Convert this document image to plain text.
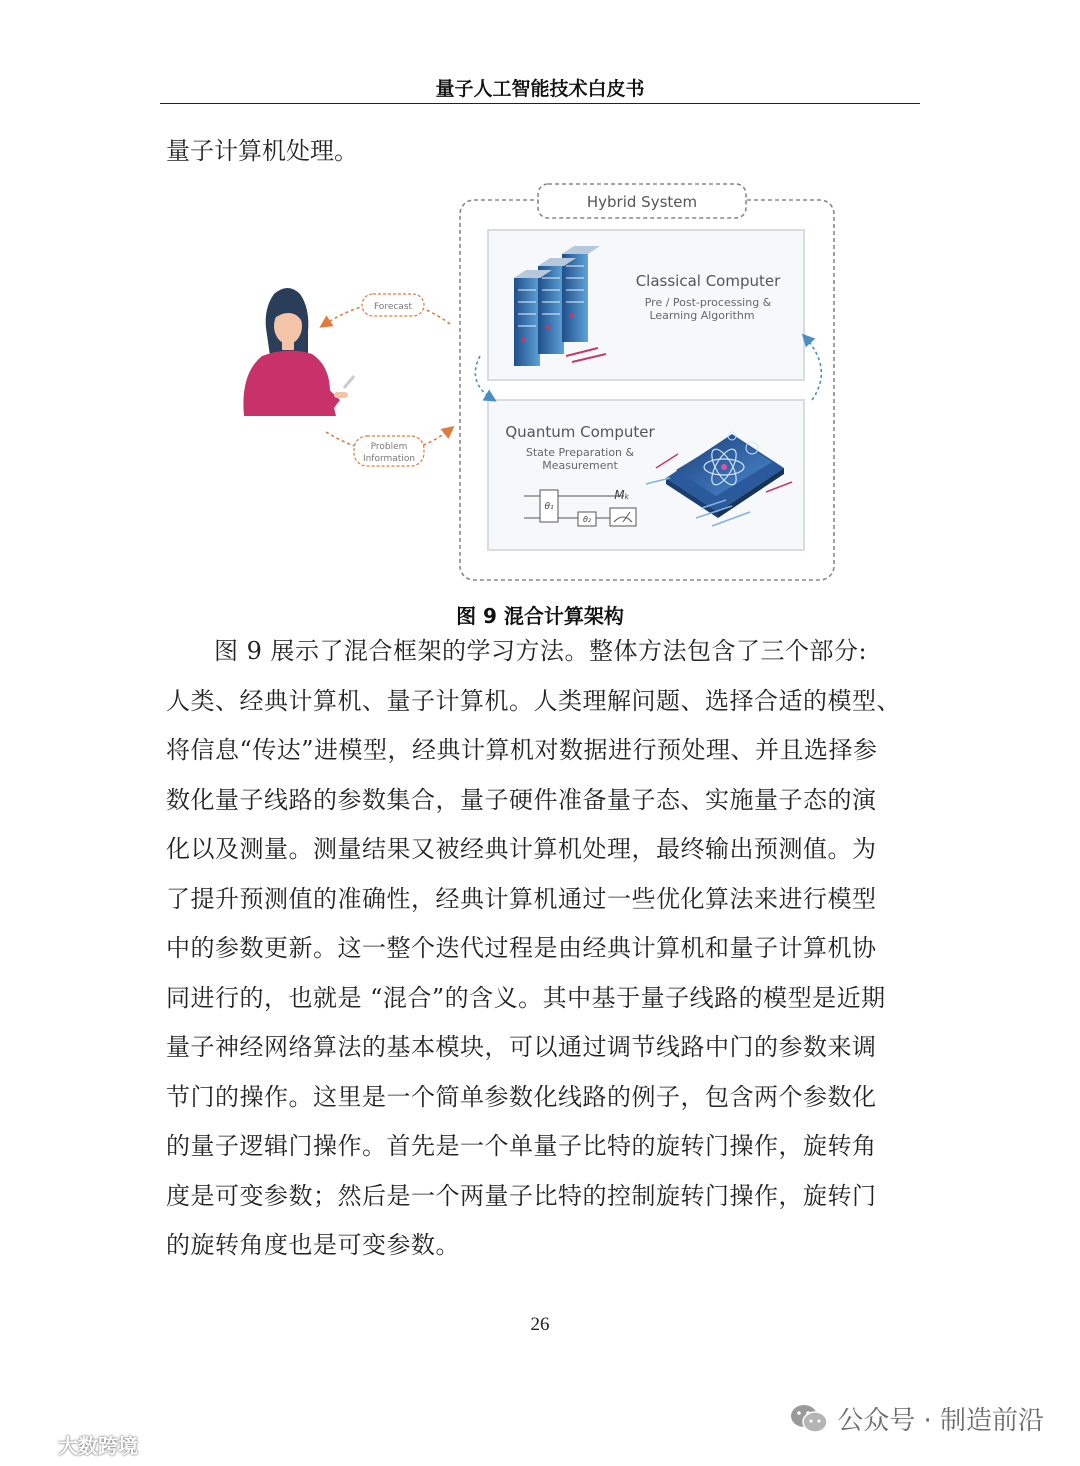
量子人工智能技术白皮书
量子计算机处理。
Hybrid System
Classical Computer
Pre / Post-processing &
Learning Algorithm
Quantum Computer
State Preparation &
Measurement
θ₁
θ₂
Mₖ
Forecast
Problem
Information
图 9 混合计算架构
图 9 展示了混合框架的学习方法。整体方法包含了三个部分:
人类、经典计算机、量子计算机。人类理解问题、选择合适的模型、
将信息“传达”进模型，经典计算机对数据进行预处理、并且选择参
数化量子线路的参数集合，量子硬件准备量子态、实施量子态的演
化以及测量。测量结果又被经典计算机处理，最终输出预测值。为
了提升预测值的准确性，经典计算机通过一些优化算法来进行模型
中的参数更新。这一整个迭代过程是由经典计算机和量子计算机协
同进行的，也就是 “混合”的含义。其中基于量子线路的模型是近期
量子神经网络算法的基本模块，可以通过调节线路中门的参数来调
节门的操作。这里是一个简单参数化线路的例子，包含两个参数化
的量子逻辑门操作。首先是一个单量子比特的旋转门操作，旋转角
度是可变参数；然后是一个两量子比特的控制旋转门操作，旋转门
的旋转角度也是可变参数。
26
公众号 · 制造前沿
大数跨境
